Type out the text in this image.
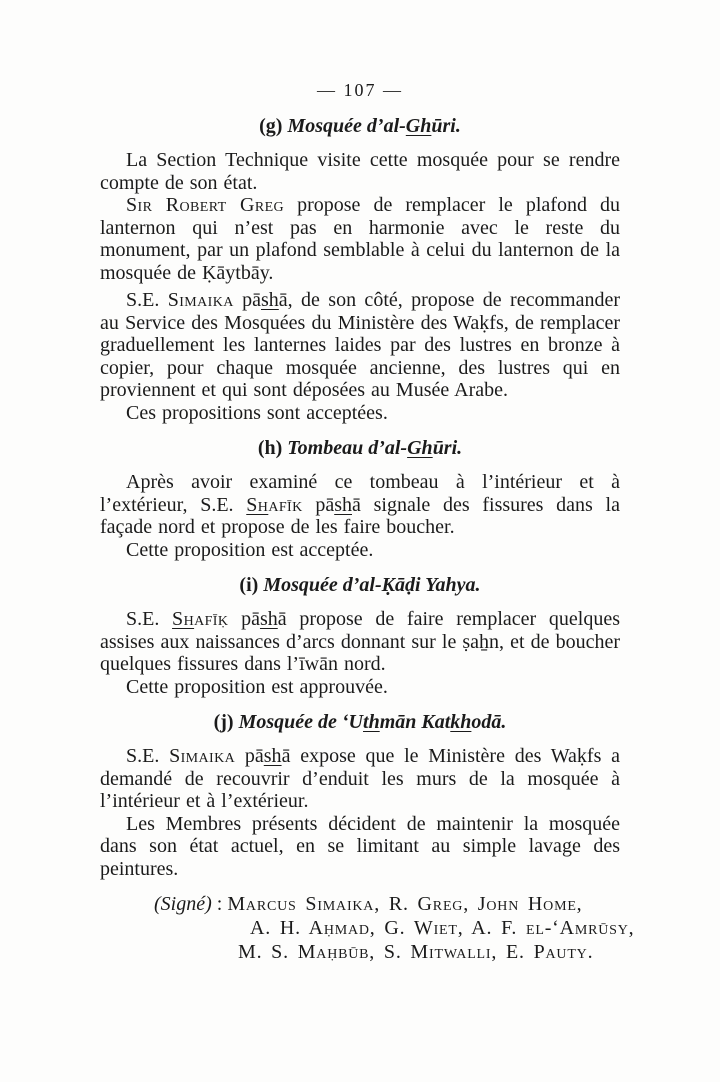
— 107 —
(g) Mosquée d’al-Ghūri.

La Section Technique visite cette mosquée pour se rendre compte de son état.

Sir Robert Greg propose de remplacer le plafond du lanternon qui n’est pas en harmonie avec le reste du monument, par un plafond semblable à celui du lanternon de la mosquée de Ḳāytbāy.

S.E. Simaika pāshā, de son côté, propose de recommander au Service des Mosquées du Ministère des Waḳfs, de remplacer graduellement les lanternes laides par des lustres en bronze à copier, pour chaque mosquée ancienne, des lustres qui en proviennent et qui sont déposées au Musée Arabe.

Ces propositions sont acceptées.

(h) Tombeau d’al-Ghūri.

Après avoir examiné ce tombeau à l’intérieur et à l’extérieur, S.E. Shafīk pāshā signale des fissures dans la façade nord et propose de les faire boucher.

Cette proposition est acceptée.

(i) Mosquée d’al-Ḳāḍi Yahya.

S.E. Shafīḳ pāshā propose de faire remplacer quelques assises aux naissances d’arcs donnant sur le ṣaẖn, et de boucher quelques fissures dans l’īwān nord.

Cette proposition est approuvée.

(j) Mosquée de ‘Uthmān Katkhodā.

S.E. Simaika pāshā expose que le Ministère des Waḳfs a demandé de recouvrir d’enduit les murs de la mosquée à l’intérieur et à l’extérieur.

Les Membres présents décident de maintenir la mosquée dans son état actuel, en se limitant au simple lavage des peintures.

(Signé) : Marcus Simaika, R. Greg, John Home,
A. H. Aḥmad, G. Wiet, A. F. el-‘Amrūsy,
M. S. Maḥbūb, S. Mitwalli, E. Pauty.
